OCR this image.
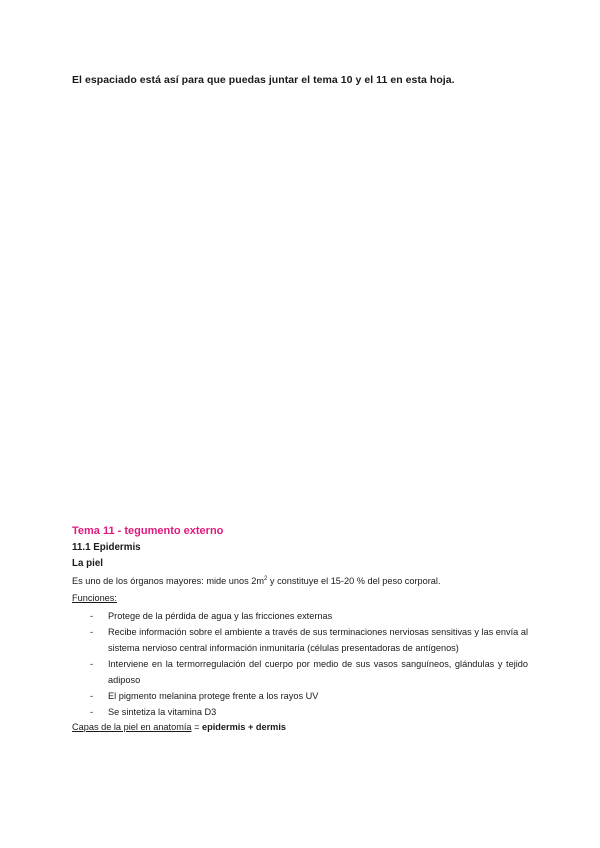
El espaciado está así para que puedas juntar el tema 10 y el 11 en esta hoja.
Tema 11 - tegumento externo
11.1 Epidermis
La piel
Es uno de los órganos mayores: mide unos $2m^2$ y constituye el 15-20 % del peso corporal.
Funciones:
- Protege de la pérdida de agua y las fricciones externas
- Recibe información sobre el ambiente a través de sus terminaciones nerviosas sensitivas y las envía al sistema nervioso central información inmunitaria (células presentadoras de antígenos)
- Interviene en la termorregulación del cuerpo por medio de sus vasos sanguíneos, glándulas y tejido adiposo
- El pigmento melanina protege frente a los rayos UV
- Se sintetiza la vitamina D3
Capas de la piel en anatomía = epidermis + dermis
